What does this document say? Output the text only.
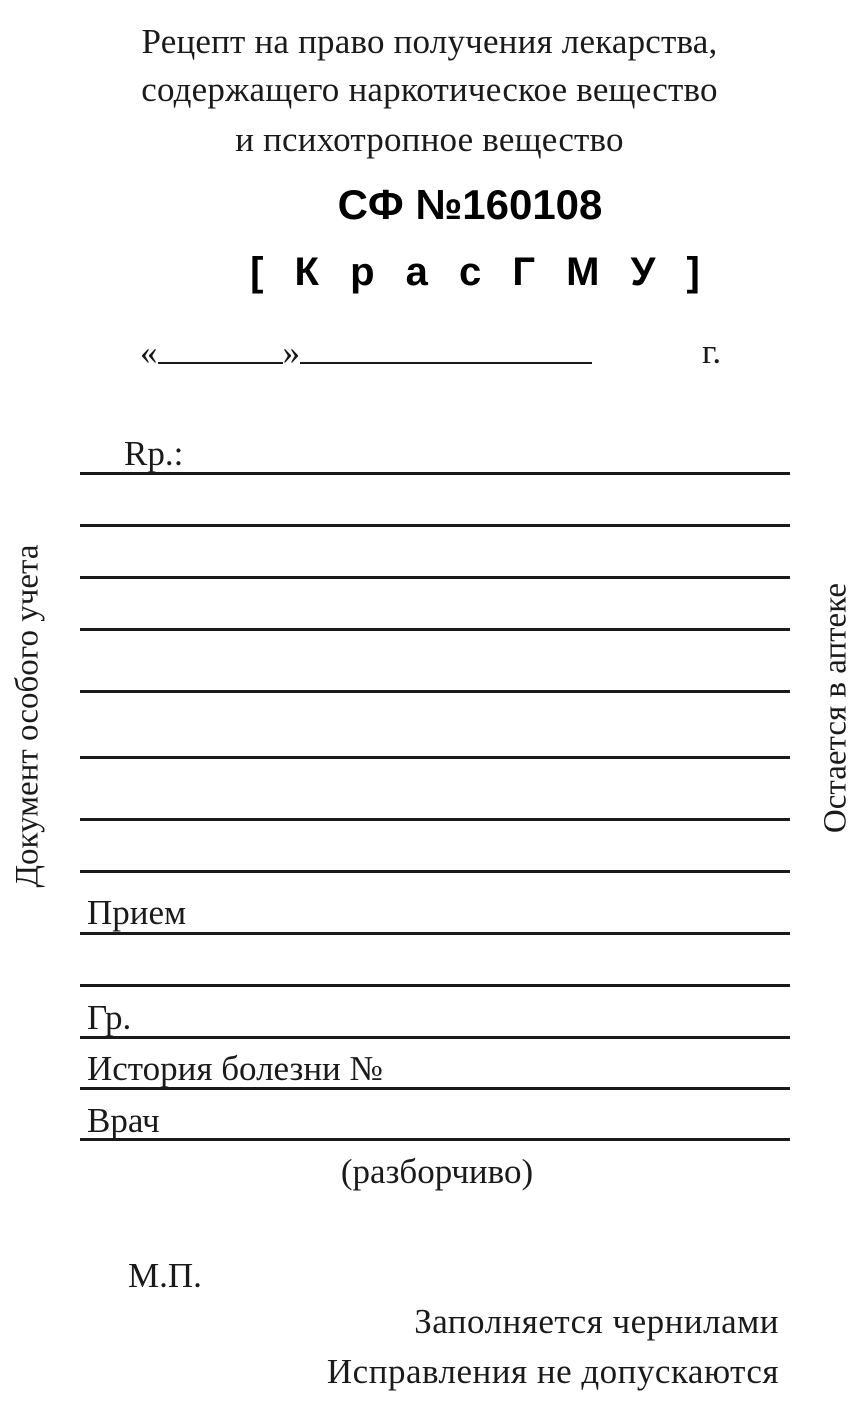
Рецепт на право получения лекарства,
содержащего наркотическое вещество
и психотропное вещество
СФ №160108
[ К р а с Г М У ]
«	»	г.
Rp.:
Прием
Гр.
История болезни №
Врач
(разборчиво)
М.П.
Заполняется чернилами
Исправления не допускаются
Документ особого учета	Остается в аптеке
